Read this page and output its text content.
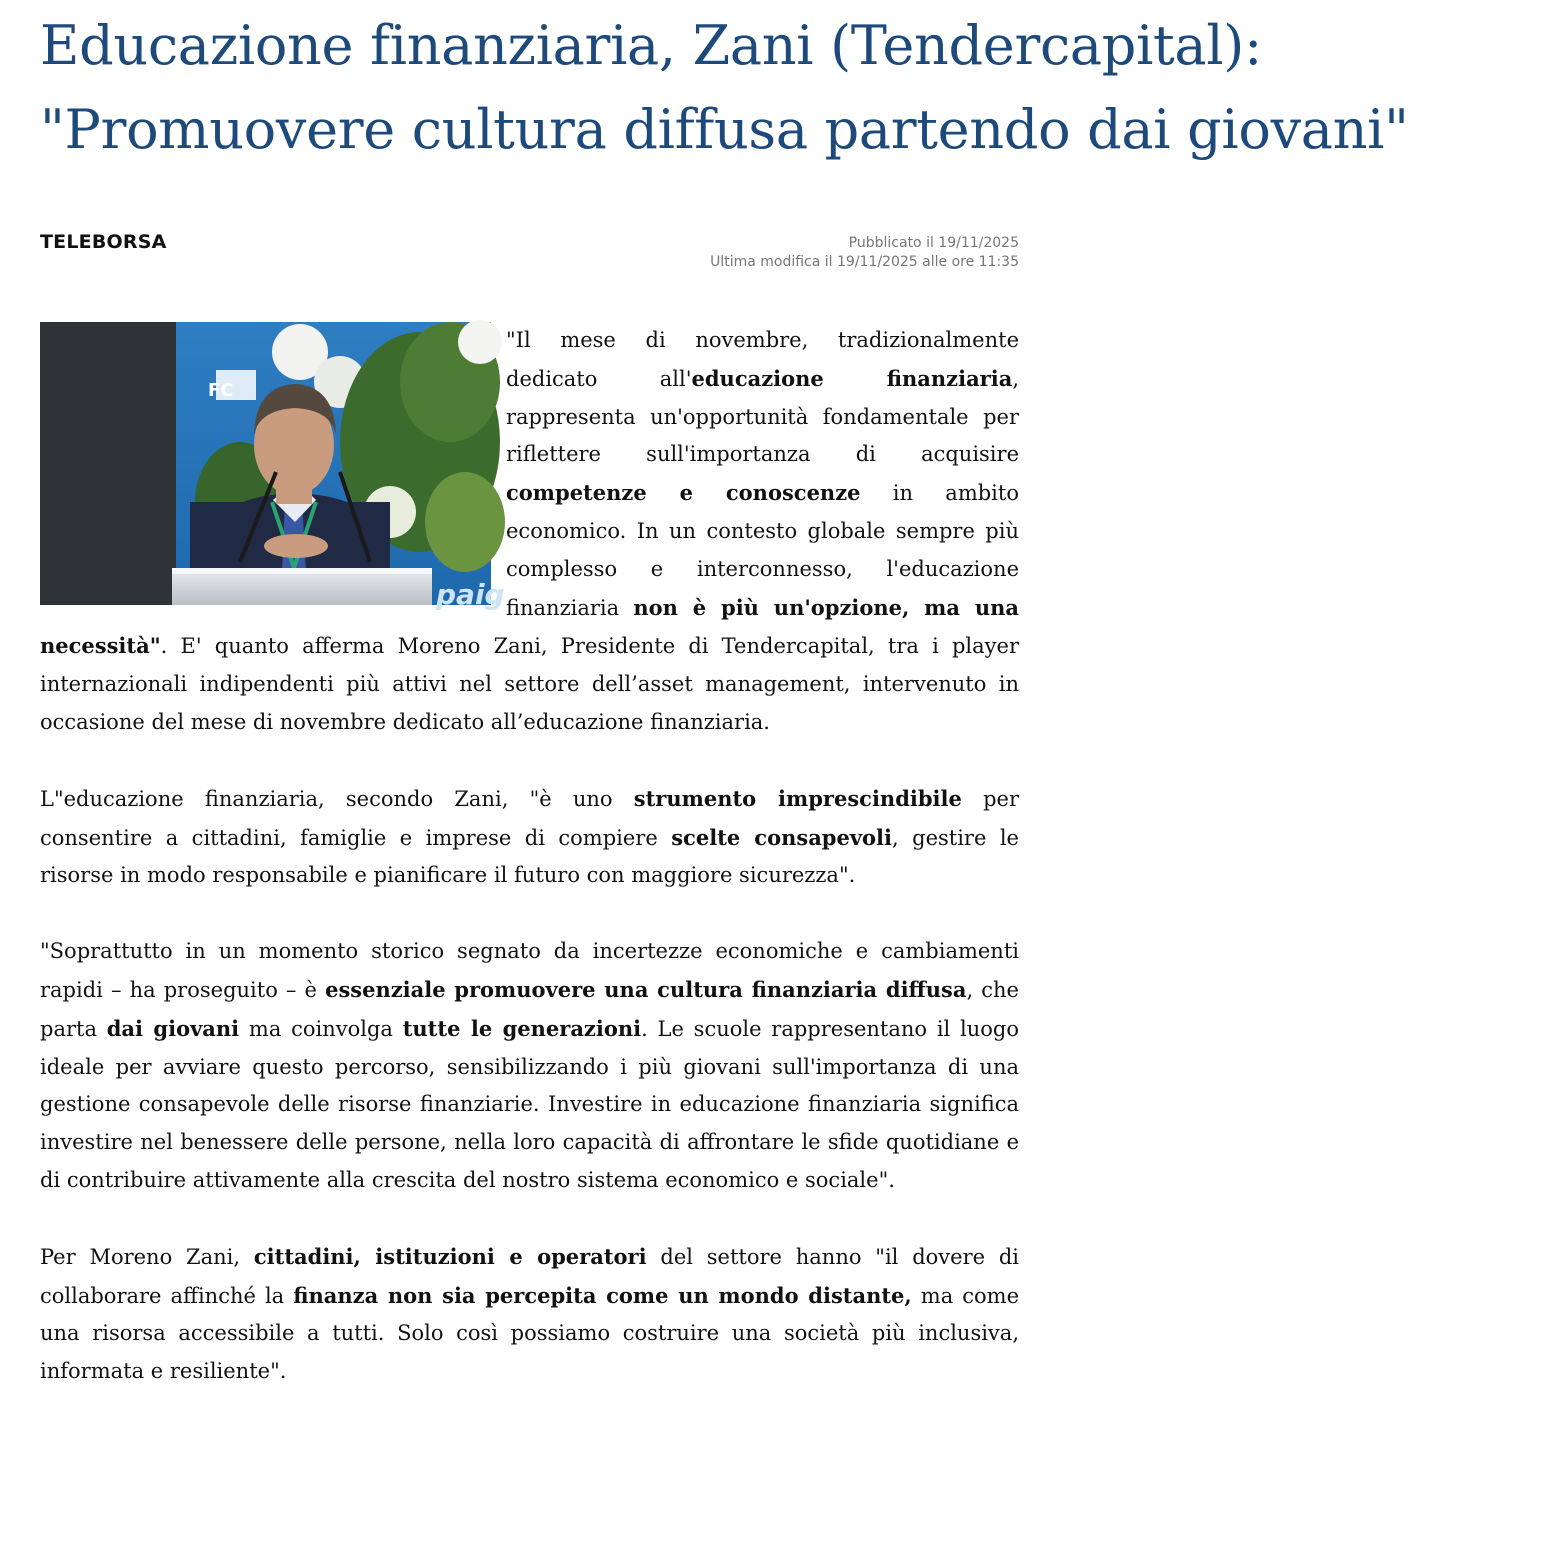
Educazione finanziaria, Zani (Tendercapital):
"Promuovere cultura diffusa partendo dai giovani"
TELEBORSA	Pubblicato il 19/11/2025
Ultima modifica il 19/11/2025 alle ore 11:35
FC
paig

"Il mese di novembre, tradizionalmente dedicato all'educazione finanziaria, rappresenta un'opportunità fondamentale per riflettere sull'importanza di acquisire competenze e conoscenze in ambito economico. In un contesto globale sempre più complesso e interconnesso, l'educazione finanziaria non è più un'opzione, ma una necessità". E' quanto afferma Moreno Zani, Presidente di Tendercapital, tra i player internazionali indipendenti più attivi nel settore dell’asset management, intervenuto in occasione del mese di novembre dedicato all’educazione finanziaria.

L"educazione finanziaria, secondo Zani, "è uno strumento imprescindibile per consentire a cittadini, famiglie e imprese di compiere scelte consapevoli, gestire le risorse in modo responsabile e pianificare il futuro con maggiore sicurezza".

"Soprattutto in un momento storico segnato da incertezze economiche e cambiamenti rapidi – ha proseguito – è essenziale promuovere una cultura finanziaria diffusa, che parta dai giovani ma coinvolga tutte le generazioni. Le scuole rappresentano il luogo ideale per avviare questo percorso, sensibilizzando i più giovani sull'importanza di una gestione consapevole delle risorse finanziarie. Investire in educazione finanziaria significa investire nel benessere delle persone, nella loro capacità di affrontare le sfide quotidiane e di contribuire attivamente alla crescita del nostro sistema economico e sociale".

Per Moreno Zani, cittadini, istituzioni e operatori del settore hanno "il dovere di collaborare affinché la finanza non sia percepita come un mondo distante, ma come una risorsa accessibile a tutti. Solo così possiamo costruire una società più inclusiva, informata e resiliente".
